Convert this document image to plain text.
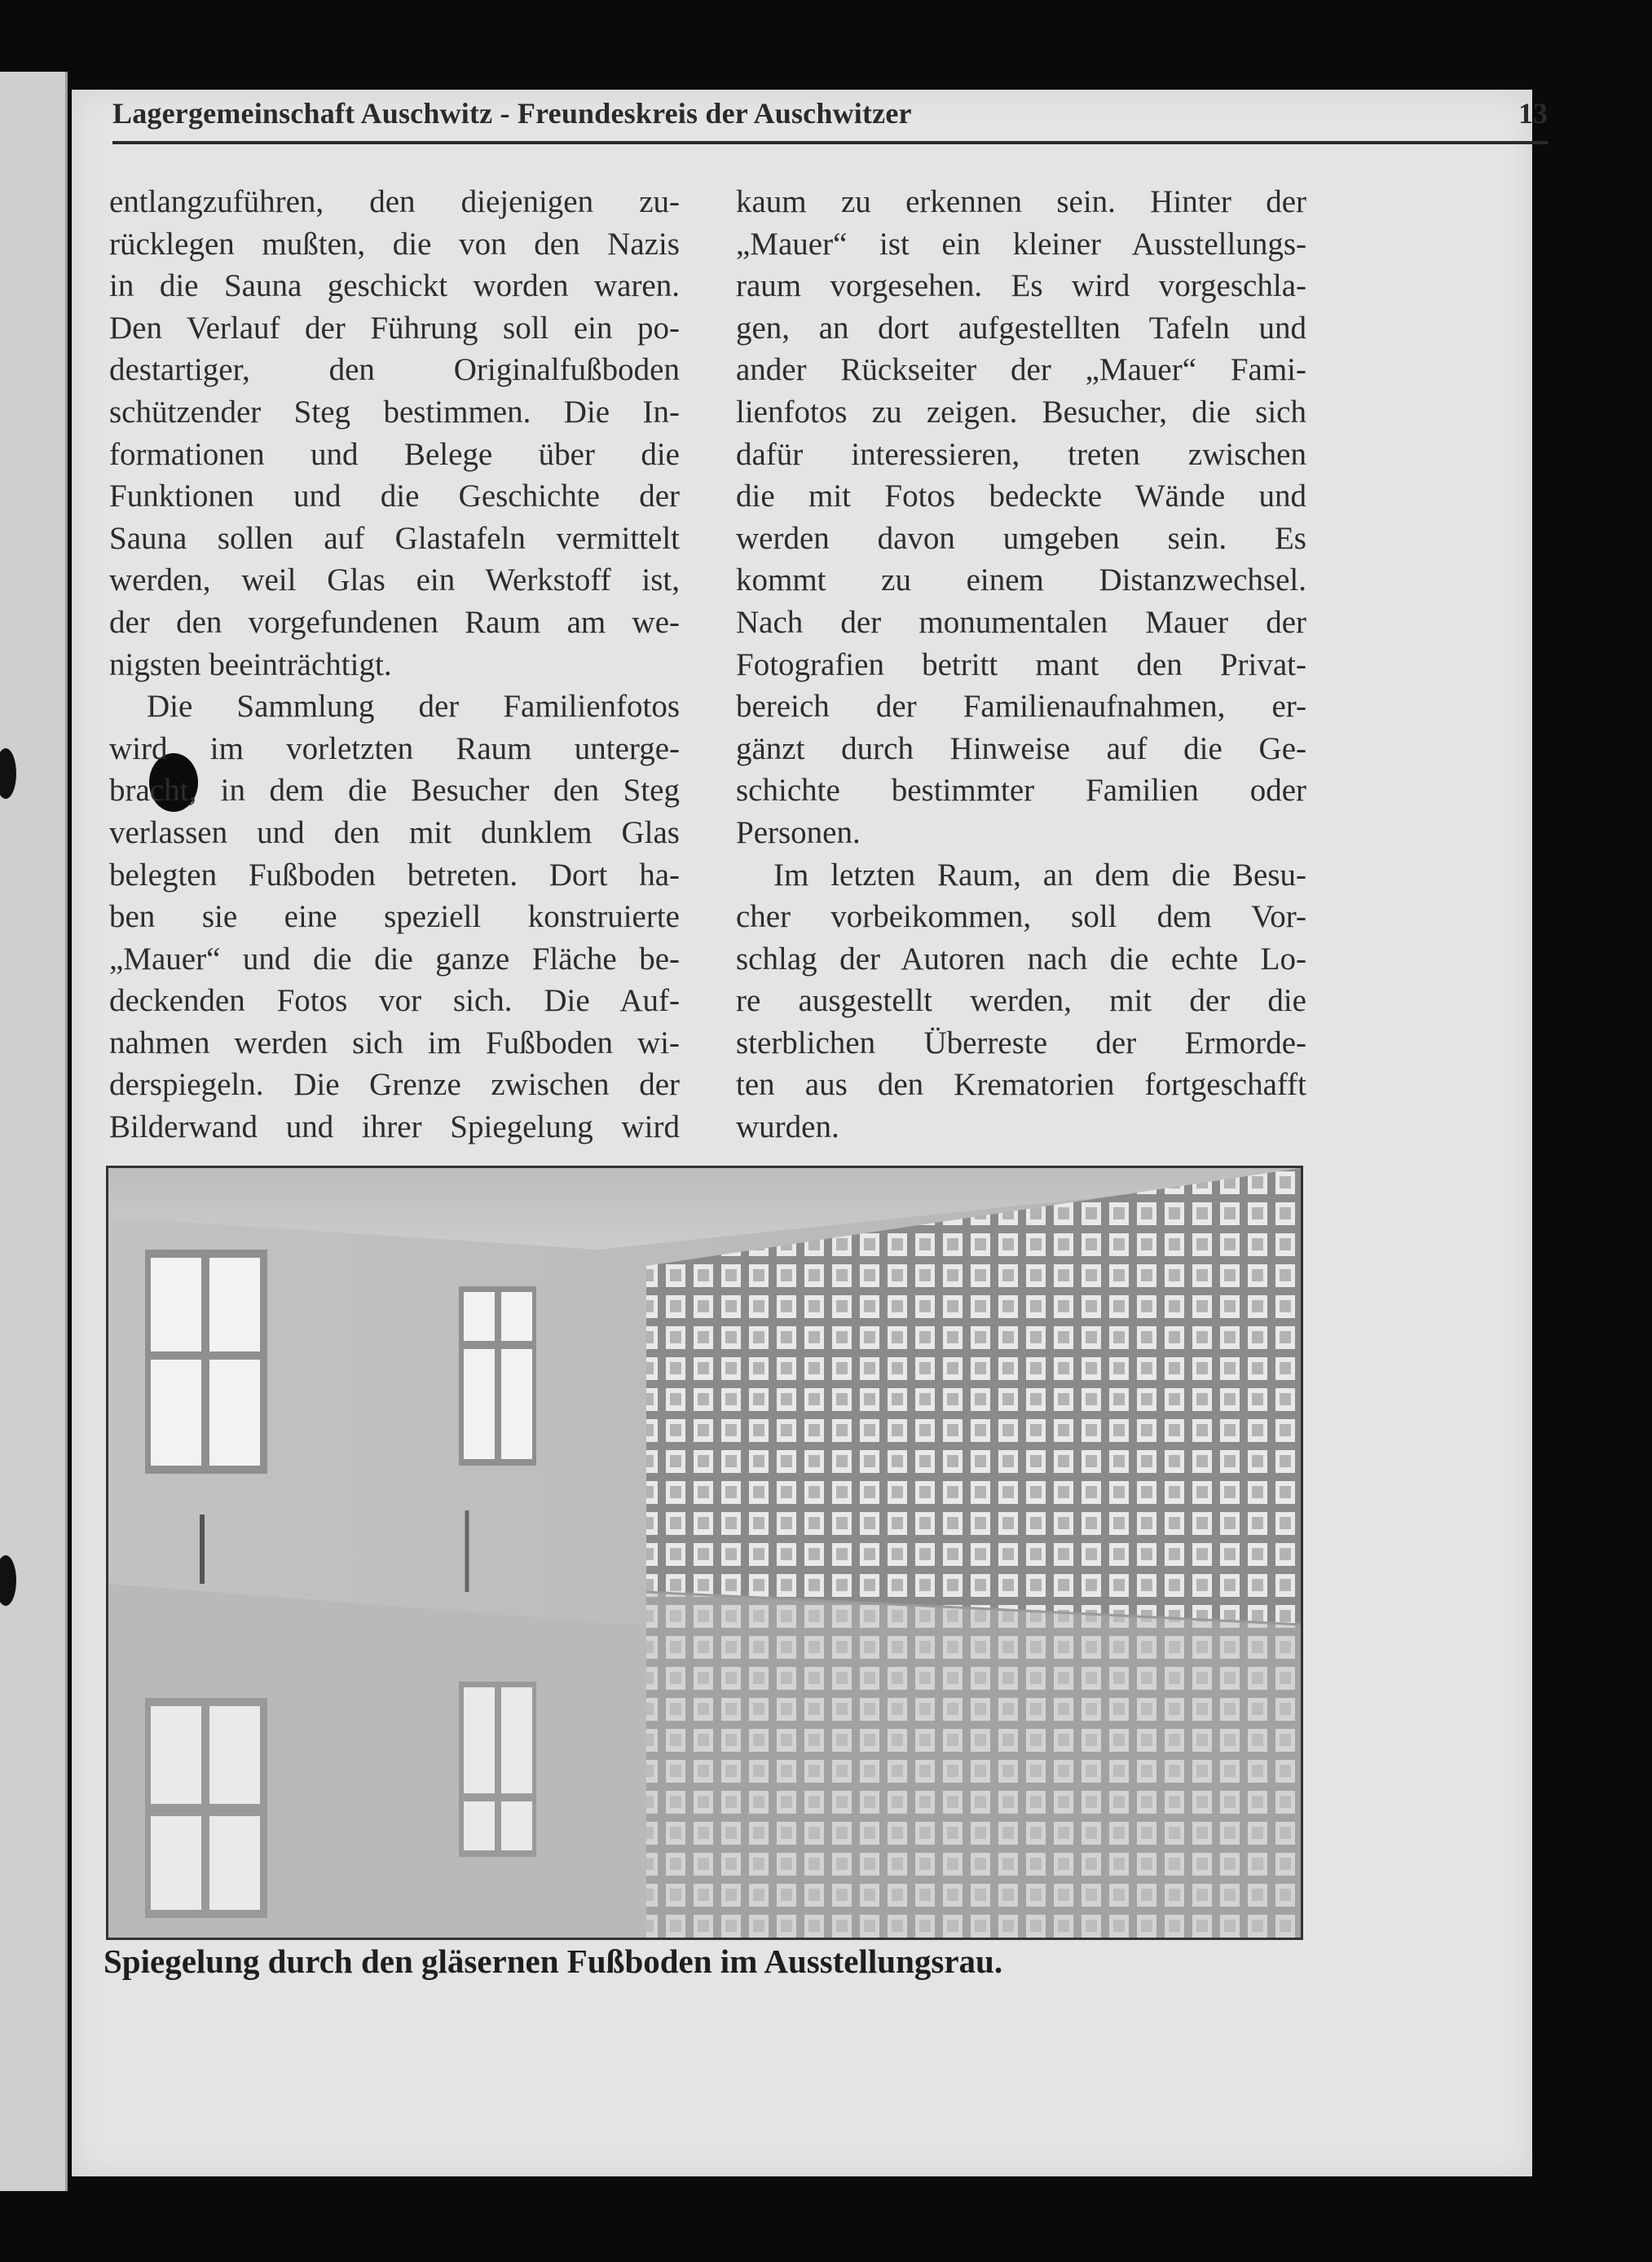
Lagergemeinschaft Auschwitz - Freundeskreis der Auschwitzer	13
entlangzuführen, den diejenigen zu-
rücklegen mußten, die von den Nazis
in die Sauna geschickt worden waren.
Den Verlauf der Führung soll ein po-
destartiger, den Originalfußboden
schützender Steg bestimmen. Die In-
formationen und Belege über die
Funktionen und die Geschichte der
Sauna sollen auf Glastafeln vermittelt
werden, weil Glas ein Werkstoff ist,
der den vorgefundenen Raum am we-
nigsten beeinträchtigt.
Die Sammlung der Familienfotos
wird im vorletzten Raum unterge-
bracht, in dem die Besucher den Steg
verlassen und den mit dunklem Glas
belegten Fußboden betreten. Dort ha-
ben sie eine speziell konstruierte
„Mauer“ und die die ganze Fläche be-
deckenden Fotos vor sich. Die Auf-
nahmen werden sich im Fußboden wi-
derspiegeln. Die Grenze zwischen der
Bilderwand und ihrer Spiegelung wird
kaum zu erkennen sein. Hinter der
„Mauer“ ist ein kleiner Ausstellungs-
raum vorgesehen. Es wird vorgeschla-
gen, an dort aufgestellten Tafeln und
ander Rückseiter der „Mauer“ Fami-
lienfotos zu zeigen. Besucher, die sich
dafür interessieren, treten zwischen
die mit Fotos bedeckte Wände und
werden davon umgeben sein. Es
kommt zu einem Distanzwechsel.
Nach der monumentalen Mauer der
Fotografien betritt mant den Privat-
bereich der Familienaufnahmen, er-
gänzt durch Hinweise auf die Ge-
schichte bestimmter Familien oder
Personen.
Im letzten Raum, an dem die Besu-
cher vorbeikommen, soll dem Vor-
schlag der Autoren nach die echte Lo-
re ausgestellt werden, mit der die
sterblichen Überreste der Ermorde-
ten aus den Krematorien fortgeschafft
wurden.
Spiegelung durch den gläsernen Fußboden im Ausstellungsrau.
